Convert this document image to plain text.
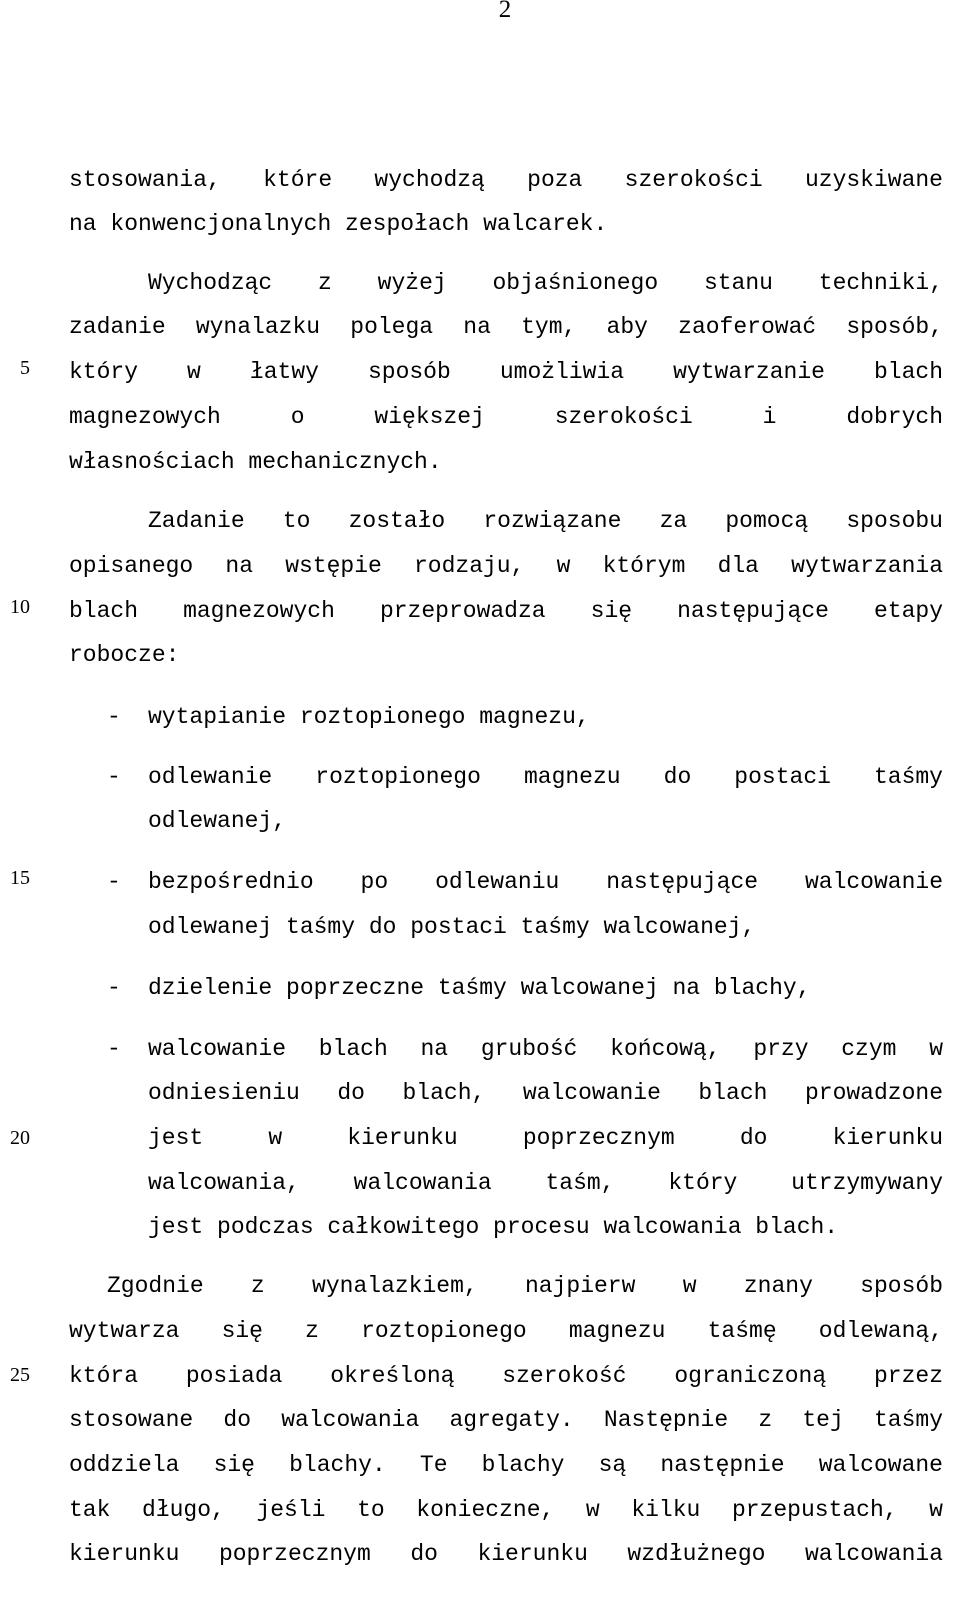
2
5
10
15
20
25
stosowania, które wychodzą poza szerokości uzyskiwane
na konwencjonalnych zespołach walcarek.
Wychodząc z wyżej objaśnionego stanu techniki,
zadanie wynalazku polega na tym, aby zaoferować sposób,
który w łatwy sposób umożliwia wytwarzanie blach
magnezowych o większej szerokości i dobrych
własnościach mechanicznych.
Zadanie to zostało rozwiązane za pomocą sposobu
opisanego na wstępie rodzaju, w którym dla wytwarzania
blach magnezowych przeprowadza się następujące etapy
robocze:
- wytapianie roztopionego magnezu,
- odlewanie roztopionego magnezu do postaci taśmy
odlewanej,
- bezpośrednio po odlewaniu następujące walcowanie
odlewanej taśmy do postaci taśmy walcowanej,
- dzielenie poprzeczne taśmy walcowanej na blachy,
- walcowanie blach na grubość końcową, przy czym w
odniesieniu do blach, walcowanie blach prowadzone
jest w kierunku poprzecznym do kierunku
walcowania, walcowania taśm, który utrzymywany
jest podczas całkowitego procesu walcowania blach.
Zgodnie z wynalazkiem, najpierw w znany sposób
wytwarza się z roztopionego magnezu taśmę odlewaną,
która posiada określoną szerokość ograniczoną przez
stosowane do walcowania agregaty. Następnie z tej taśmy
oddziela się blachy. Te blachy są następnie walcowane
tak długo, jeśli to konieczne, w kilku przepustach, w
kierunku poprzecznym do kierunku wzdłużnego walcowania
